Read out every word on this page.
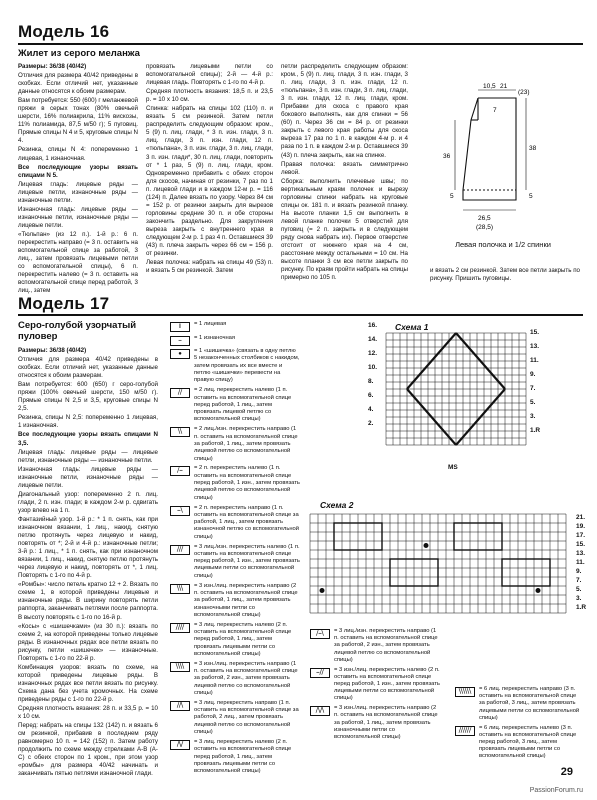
Модель 16
Жилет из серого меланжа

Размеры: 36/38 (40/42)

Отличия для размера 40/42 приведены в скобках. Если отличий нет, указанные данные относятся к обоим размерам.

Вам потребуется: 550 (600) г меланжевой пряжи в серых тонах (80% овечьей шерсти, 16% полиакрила, 11% вискозы, 11% полиамида, 87,5 м/50 г); 5 пуговиц. Прямые спицы N 4 и 5, круговые спицы N 4.

Резинка, спицы N 4: попеременно 1 лицевая, 1 изнаночная.

Все последующие узоры вязать спицами N 5.

Лицевая гладь: лицевые ряды — лицевые петли, изнаночные ряды — изнаночные петли.

Изнаночная гладь: лицевые ряды — изнаночные петли, изнаночные ряды — лицевые петли.

«Тюльпан» (из 12 п.). 1-й р.: 6 п. перекрестить направо (= 3 п. оставить на вспомогательной спице за работой, 3 лиц., затем провязать лицевыми петли со вспомогательной спицы), 6 п. перекрестить налево (= 3 п. оставить на вспомогательной спице перед работой, 3 лиц., затем

провязать лицевыми петли со вспомогательной спицы); 2-й — 4-й р.: лицевая гладь. Повторять с 1-го по 4-й р.

Средняя плотность вязания: 18,5 п. и 23,5 р. = 10 х 10 см.

Спинка: набрать на спицы 102 (110) п. и вязать 5 см резинкой. Затем петли распределить следующим образом: кром., 5 (9) п. лиц. глади, * 3 п. изн. глади, 3 п. лиц. глади, 3 п. изн. глади, 12 п. «тюльпана», 3 п. изн. глади, 3 п. лиц. глади, 3 п. изн. глади*, 30 п. лиц. глади, повторить от * 1 раз, 5 (9) п. лиц. глади, кром. Одновременно прибавить с обеих сторон для скосов, начиная от резинки, 7 раз по 1 п. лицевой глади и в каждом 12-м р. = 116 (124) п. Далее вязать по узору. Через 84 см = 152 р. от резинки закрыть для вырезов горловины средние 30 п. и обе стороны закончить раздельно. Для закругления выреза закрыть с внутреннего края в следующем 2-м р. 1 раз 4 п. Оставшиеся 39 (43) п. плеча закрыть через 66 см = 156 р. от резинки.

Левая полочка: набрать на спицы 49 (53) п. и вязать 5 см резинкой. Затем

петли распределить следующим образом: кром., 5 (9) п. лиц. глади, 3 п. изн. глади, 3 п. лиц. глади, 3 п. изн. глади, 12 п. «тюльпана», 3 п. изн. глади, 3 п. лиц. глади, 3 п. изн. глади, 12 п. лиц. глади, кром. Прибавки для скоса с правого края бокового выполнять, как для спинки = 56 (60) п. Через 36 см = 84 р. от резинки закрыть с левого края работы для скоса выреза 17 раз по 1 п. в каждом 4-м р. и 4 раза по 1 п. в каждом 2-м р. Оставшиеся 39 (43) п. плеча закрыть, как на спинке.

Правая полочка: вязать симметрично левой.

Сборка: выполнить плечевые швы; по вертикальным краям полочек и вырезу горловины спинки набрать на круговые спицы ок. 181 п. и вязать резинкой планку. На высоте планки 1,5 см выполнить в левой планке полочки 5 отверстий для пуговиц (= 2 п. закрыть и в следующем ряду снова набрать их). Первое отверстие отстоит от нижнего края на 4 см, расстояние между остальными = 10 см. На высоте планки 3 см все петли закрыть по рисунку. По краям пройти набрать на спицы примерно по 105 п.

10,5 21
(23)
7
36
38
5
26,5
(28,5)
5
Левая полочка и 1/2 спинки

и вязать 2 см резинкой. Затем все петли закрыть по рисунку. Пришить пуговицы.

Модель 17
Серо-голубой узорчатый пуловер

Размеры: 36/38 (40/42)

Отличия для размера 40/42 приведены в скобках. Если отличий нет, указанные данные относятся к обоим размерам.

Вам потребуется: 600 (650) г серо-голубой пряжи (100% овечьей шерсти, 150 м/50 г). Прямые спицы N 2,5 и 3,5, круговые спицы N 2,5.

Резинка, спицы N 2,5: попеременно 1 лицевая, 1 изнаночная.

Все последующие узоры вязать спицами N 3,5.

Лицевая гладь: лицевые ряды — лицевые петли, изнаночные ряды — изнаночные петли.

Изнаночная гладь: лицевые ряды — изнаночные петли, изнаночные ряды — лицевые петли.

Диагональный узор: попеременно 2 п. лиц. глади, 2 п. изн. глади; в каждом 2-м р. сдвигать узор влево на 1 п.

Фантазийный узор. 1-й р.: * 1 п. снять, как при изнаночном вязании, 1 лиц., накид, снятую петлю протянуть через лицевую и накид, повторять от *; 2-й и 4-й р.: изнаночные петли; 3-й р.: 1 лиц., * 1 п. снять, как при изнаночном вязании, 1 лиц., накид, снятую петлю протянуть через лицевую и накид, повторять от *, 1 лиц. Повторять с 1-го по 4-й р.

«Ромбы»: число петель кратно 12 + 2. Вязать по схеме 1, в которой приведены лицевые и изнаночные ряды. В ширину повторять петли раппорта, заканчивать петлями после раппорта. В высоту повторять с 1-го по 16-й р.

«Косы» с «шишечками» (из 30 п.): вязать по схеме 2, на которой приведены только лицевые ряды. В изнаночных рядах все петли вязать по рисунку, петли «шишечек» — изнаночные. Повторять с 1-го по 22-й р.

Комбинация узоров: вязать по схеме, на которой приведены лицевые ряды. В изнаночных рядах все петли вязать по рисунку. Схема дана без учета кромочных. На схеме приведены ряды с 1-го по 22-й р.

Средняя плотность вязания: 28 п. и 33,5 р. = 10 х 10 см.

Перед: набрать на спицы 132 (142) п. и вязать 6 см резинкой, прибавив в последнем ряду равномерно 10 п. = 142 (152) п. Затем работу продолжить по схеме между стрелками А-В (А-С) с обеих сторон по 1 кром., при этом узор «ромбы» для размера 40/42 начинать и заканчивать пятью петлями изнаночной глади.

I	= 1 лицевая
–	= 1 изнаночная
●	= 1 «шишечка» (связать в одну петлю 5 незаконченных столбиков с накидом, затем провязать их все вместе и петлю «шишечки» перевести на правую спицу)
⧸⧸	= 2 лиц. перекрестить налево (1 п. оставить на вспомогательной спице перед работой, 1 лиц., затем провязать лицевой петлю со вспомогательной спицы)
⧹⧹	= 2 лиц./изн. перекрестить направо (1 п. оставить на вспомогательной спице за работой, 1 лиц., затем провязать лицевой петлю со вспомогательной спицы)
⧸–	= 2 п. перекрестить налево (1 п. оставить на вспомогательной спице перед работой, 1 изн., затем провязать лицевой петлю со вспомогательной спицы)
–⧹	= 2 п. перекрестить направо (1 п. оставить на вспомогательной спице за работой, 1 лиц., затем провязать изнаночной петлю со вспомогательной спицы)
⧸⧸⧸	= 3 лиц./изн. перекрестить налево (1 п. оставить на вспомогательной спице перед работой, 1 изн., затем провязать лицевыми петли со вспомогательной спицы)
⧹⧹⧹	= 3 изн./лиц. перекрестить направо (2 п. оставить на вспомогательной спице за работой, 1 лиц., затем провязать изнаночными петли со вспомогательной спицы)
⧸⧸⧸⧸	= 3 лиц. перекрестить налево (2 п. оставить на вспомогательной спице перед работой, 1 лиц., затем провязать лицевыми петли со вспомогательной спицы)
⧹⧹⧹⧹	= 3 изн./лиц. перекрестить направо (1 п. оставить на вспомогательной спице за работой, 2 изн., затем провязать лицевой петлю со вспомогательной спицы)
⧸⧸⧹	= 3 лиц. перекрестить направо (1 п. оставить на вспомогательной спице за работой, 2 лиц., затем провязать лицевой петлю со вспомогательной спицы)
⧸⧹⧸	= 3 лиц. перекрестить налево (2 п. оставить на вспомогательной спице перед работой, 1 лиц., затем провязать лицевыми петли со вспомогательной спицы)
Схема 1
16.
14.
12.
10.
8.
6.
4.
2.
15.
13.
11.
9.
7.
5.
3.
1.R
MS
Схема 2
21.
19.
17.
15.
13.
11.
9.
7.
5.
3.
1.R
⧸–⧹	= 3 лиц./изн. перекрестить направо (1 п. оставить на вспомогательной спице за работой, 2 изн., затем провязать лицевой петлю со вспомогательной спицы)
–⧸⧸	= 3 изн./лиц. перекрестить налево (2 п. оставить на вспомогательной спице перед работой, 1 изн., затем провязать лицевыми петли со вспомогательной спицы)
⧸⧹⧸⧹	= 3 изн./лиц. перекрестить направо (2 п. оставить на вспомогательной спице за работой, 1 лиц., затем провязать изнаночными петли со вспомогательной спицы)
⧹⧹⧹⧹⧹⧹	= 6 лиц. перекрестить направо (3 п. оставить на вспомогательной спице за работой, 3 лиц., затем провязать лицевыми петли со вспомогательной спицы)
⧸⧸⧸⧸⧸⧸	= 6 лиц. перекрестить налево (3 п. оставить на вспомогательной спице перед работой, 3 лиц., затем провязать лицевыми петли со вспомогательной спицы)
29
PassionForum.ru
